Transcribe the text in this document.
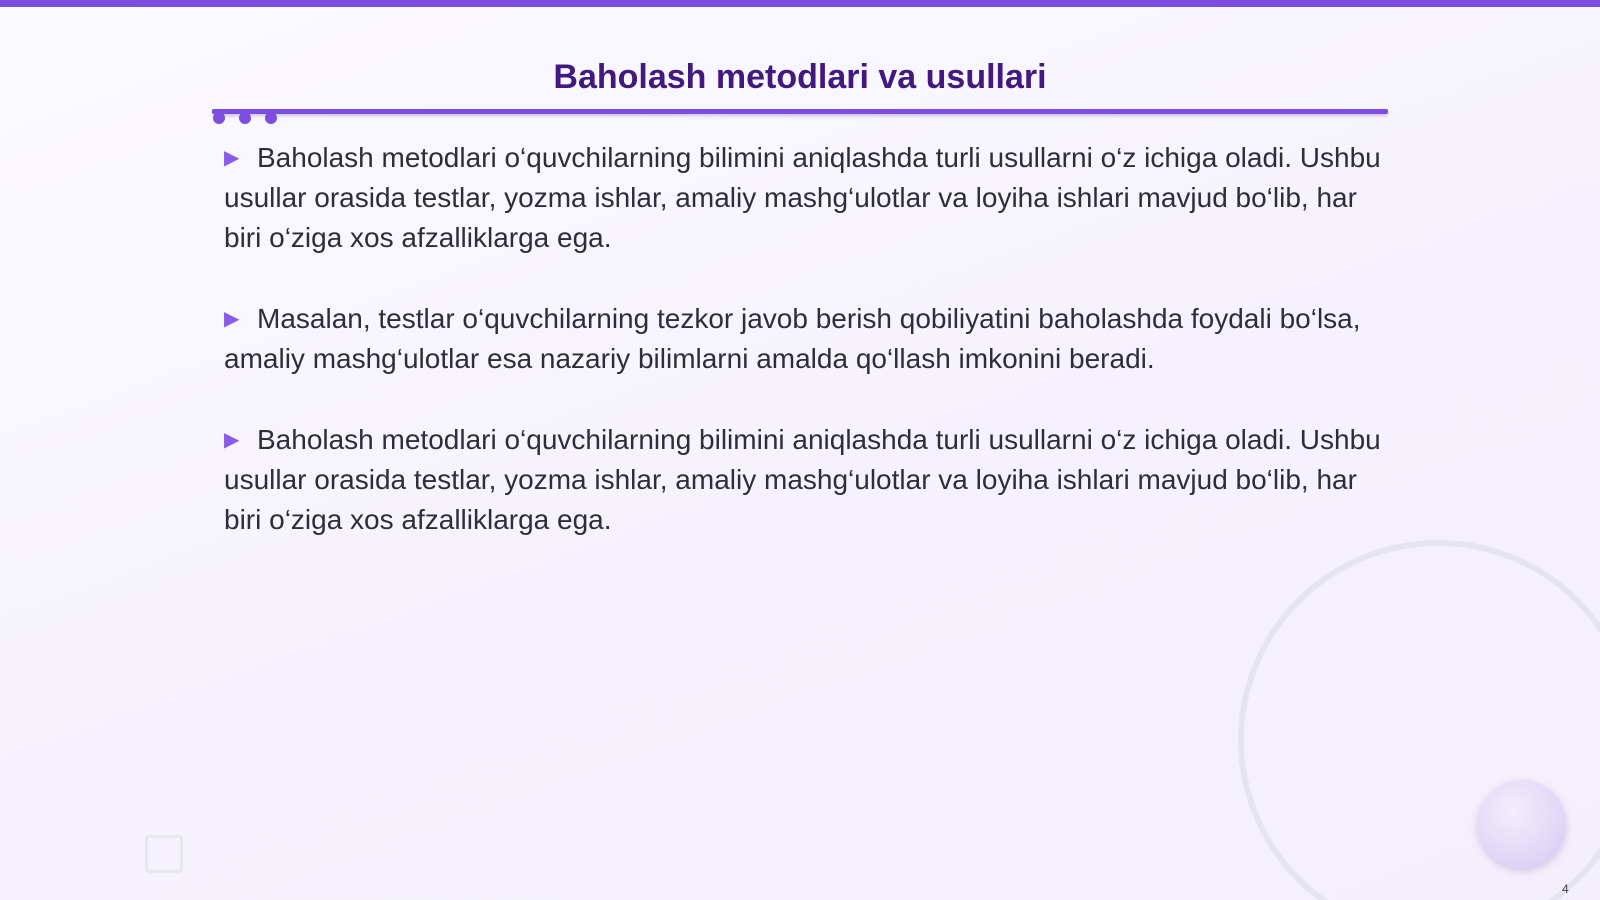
Baholash metodlari va usullari

▶ Baholash metodlari o‘quvchilarning bilimini aniqlashda turli usullarni o‘z ichiga oladi. Ushbu usullar orasida testlar, yozma ishlar, amaliy mashg‘ulotlar va loyiha ishlari mavjud bo‘lib, har biri o‘ziga xos afzalliklarga ega.

▶ Masalan, testlar o‘quvchilarning tezkor javob berish qobiliyatini baholashda foydali bo‘lsa, amaliy mashg‘ulotlar esa nazariy bilimlarni amalda qo‘llash imkonini beradi.

▶ Baholash metodlari o‘quvchilarning bilimini aniqlashda turli usullarni o‘z ichiga oladi. Ushbu usullar orasida testlar, yozma ishlar, amaliy mashg‘ulotlar va loyiha ishlari mavjud bo‘lib, har biri o‘ziga xos afzalliklarga ega.

4
